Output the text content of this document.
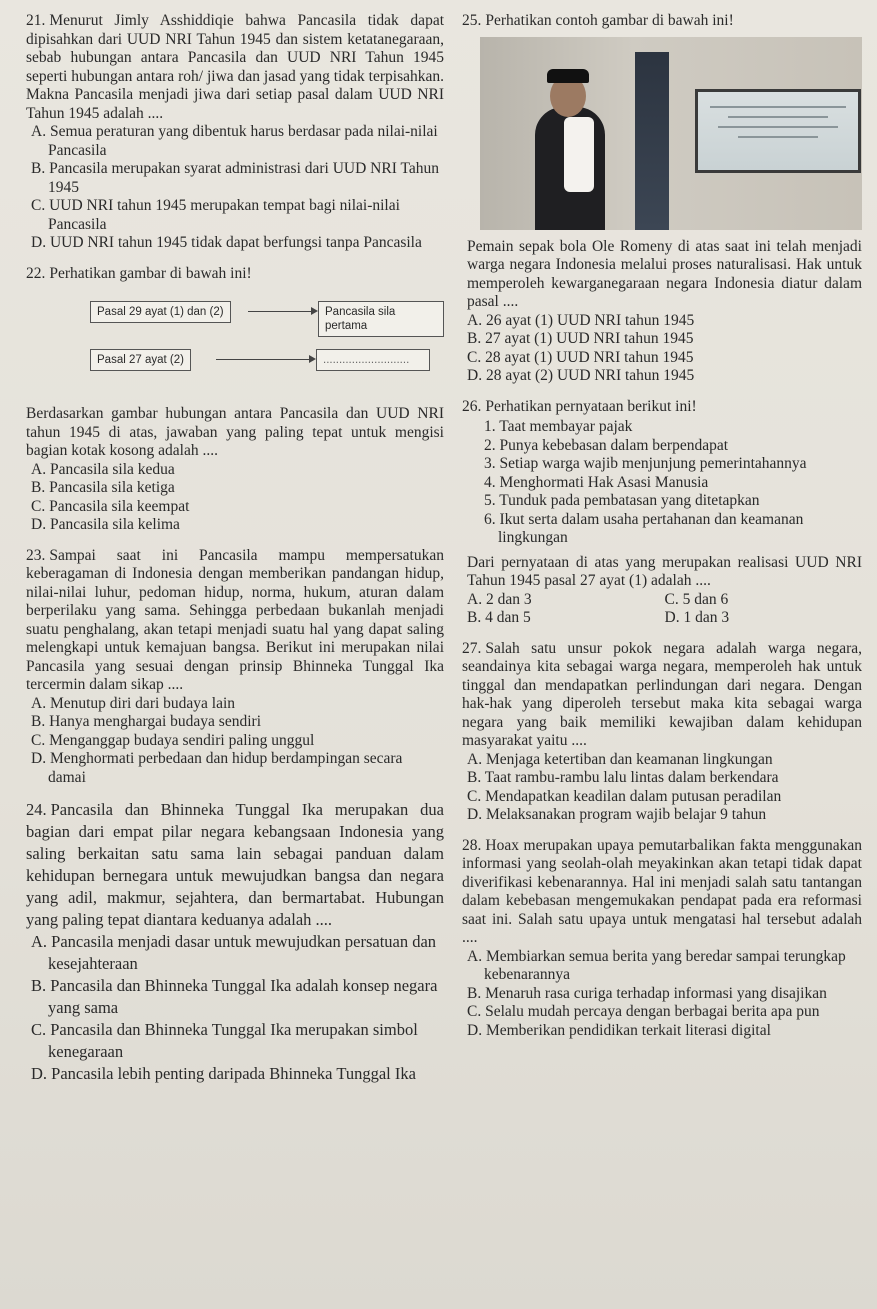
21. Menurut Jimly Asshiddiqie bahwa Pancasila tidak dapat dipisahkan dari UUD NRI Tahun 1945 dan sistem ketatanegaraan, sebab hubungan antara Pancasila dan UUD NRI Tahun 1945 seperti hubungan antara roh/ jiwa dan jasad yang tidak terpisahkan. Makna Pancasila menjadi jiwa dari setiap pasal dalam UUD NRI Tahun 1945 adalah ....
A. Semua peraturan yang dibentuk harus berdasar pada nilai-nilai Pancasila
B. Pancasila merupakan syarat administrasi dari UUD NRI Tahun 1945
C. UUD NRI tahun 1945 merupakan tempat bagi nilai-nilai Pancasila
D. UUD NRI tahun 1945 tidak dapat berfungsi tanpa Pancasila
22. Perhatikan gambar di bawah ini!
Pasal 29 ayat (1) dan (2)	Pancasila sila pertama
Pasal 27 ayat (2)	...........................
Berdasarkan gambar hubungan antara Pancasila dan UUD NRI tahun 1945 di atas, jawaban yang paling tepat untuk mengisi bagian kotak kosong adalah ....
A. Pancasila sila kedua
B. Pancasila sila ketiga
C. Pancasila sila keempat
D. Pancasila sila kelima
23. Sampai saat ini Pancasila mampu mempersatukan keberagaman di Indonesia dengan memberikan pandangan hidup, nilai-nilai luhur, pedoman hidup, norma, hukum, aturan dalam berperilaku yang sama. Sehingga perbedaan bukanlah menjadi suatu penghalang, akan tetapi menjadi suatu hal yang dapat saling melengkapi untuk kemajuan bangsa. Berikut ini merupakan nilai Pancasila yang sesuai dengan prinsip Bhinneka Tunggal Ika tercermin dalam sikap ....
A. Menutup diri dari budaya lain
B. Hanya menghargai budaya sendiri
C. Menganggap budaya sendiri paling unggul
D. Menghormati perbedaan dan hidup berdampingan secara damai
24. Pancasila dan Bhinneka Tunggal Ika merupakan dua bagian dari empat pilar negara kebangsaan Indonesia yang saling berkaitan satu sama lain sebagai panduan dalam kehidupan bernegara untuk mewujudkan bangsa dan negara yang adil, makmur, sejahtera, dan bermartabat. Hubungan yang paling tepat diantara keduanya adalah ....
A. Pancasila menjadi dasar untuk mewujudkan persatuan dan kesejahteraan
B. Pancasila dan Bhinneka Tunggal Ika adalah konsep negara yang sama
C. Pancasila dan Bhinneka Tunggal Ika merupakan simbol kenegaraan
D. Pancasila lebih penting daripada Bhinneka Tunggal Ika
25. Perhatikan contoh gambar di bawah ini!
Pemain sepak bola Ole Romeny di atas saat ini telah menjadi warga negara Indonesia melalui proses naturalisasi. Hak untuk memperoleh kewarganegaraan negara Indonesia diatur dalam pasal ....
A. 26 ayat (1) UUD NRI tahun 1945
B. 27 ayat (1) UUD NRI tahun 1945
C. 28 ayat (1) UUD NRI tahun 1945
D. 28 ayat (2) UUD NRI tahun 1945
26. Perhatikan pernyataan berikut ini!
1. Taat membayar pajak
2. Punya kebebasan dalam berpendapat
3. Setiap warga wajib menjunjung pemerintahannya
4. Menghormati Hak Asasi Manusia
5. Tunduk pada pembatasan yang ditetapkan
6. Ikut serta dalam usaha pertahanan dan keamanan lingkungan
Dari pernyataan di atas yang merupakan realisasi UUD NRI Tahun 1945 pasal 27 ayat (1) adalah ....
A. 2 dan 3	C. 5 dan 6
B. 4 dan 5	D. 1 dan 3
27. Salah satu unsur pokok negara adalah warga negara, seandainya kita sebagai warga negara, memperoleh hak untuk tinggal dan mendapatkan perlindungan dari negara. Dengan hak-hak yang diperoleh tersebut maka kita sebagai warga negara yang baik memiliki kewajiban dalam kehidupan masyarakat yaitu ....
A. Menjaga ketertiban dan keamanan lingkungan
B. Taat rambu-rambu lalu lintas dalam berkendara
C. Mendapatkan keadilan dalam putusan peradilan
D. Melaksanakan program wajib belajar 9 tahun
28. Hoax merupakan upaya pemutarbalikan fakta menggunakan informasi yang seolah-olah meyakinkan akan tetapi tidak dapat diverifikasi kebenarannya. Hal ini menjadi salah satu tantangan dalam kebebasan mengemukakan pendapat pada era reformasi saat ini. Salah satu upaya untuk mengatasi hal tersebut adalah ....
A. Membiarkan semua berita yang beredar sampai terungkap kebenarannya
B. Menaruh rasa curiga terhadap informasi yang disajikan
C. Selalu mudah percaya dengan berbagai berita apa pun
D. Memberikan pendidikan terkait literasi digital
